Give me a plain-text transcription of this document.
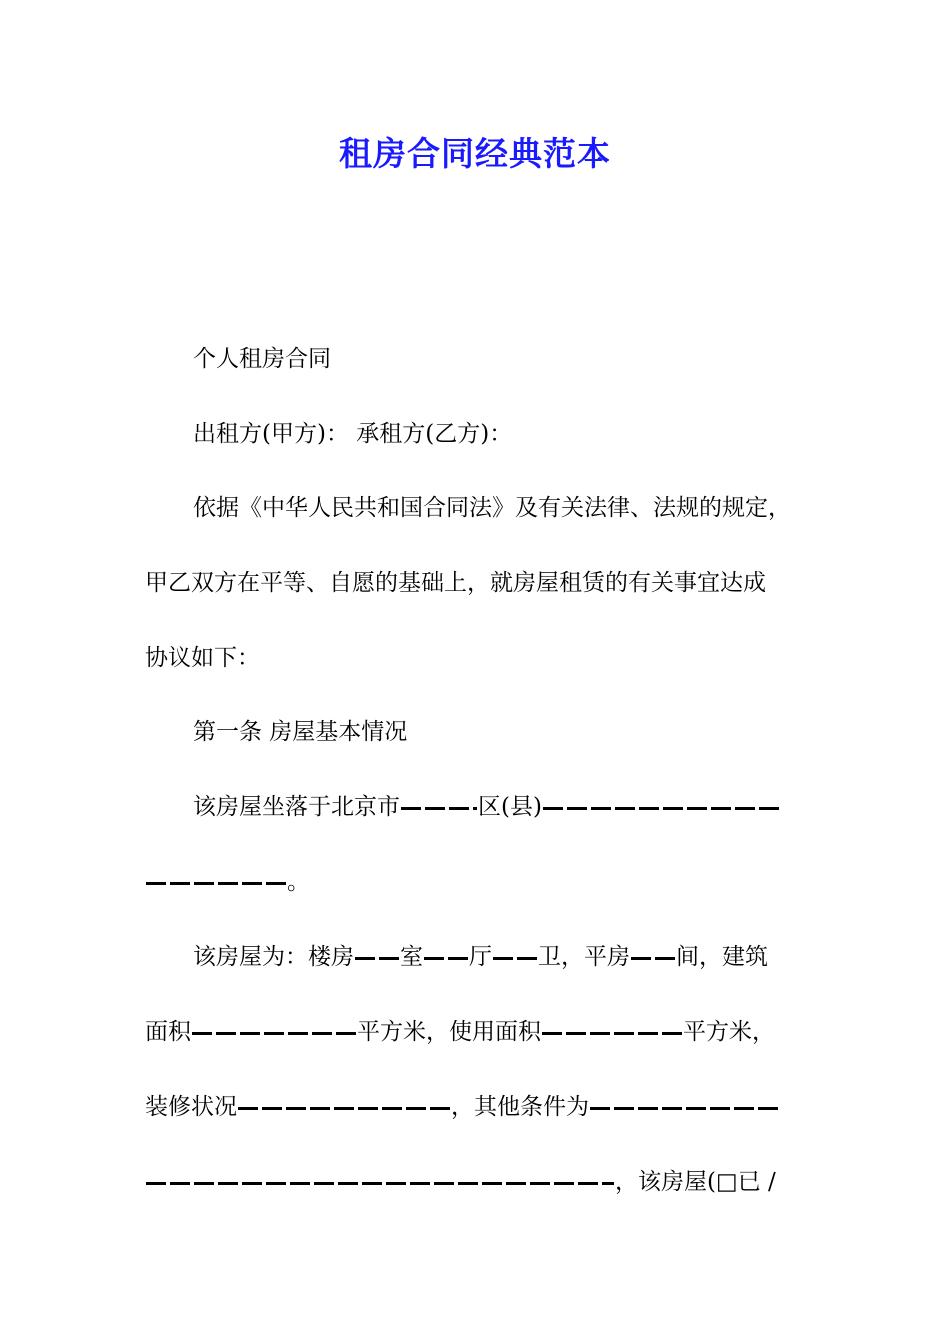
租房合同经典范本
个人租房合同
出租方(甲方)： 承租方(乙方)：
依据《中华人民共和国合同法》及有关法律、法规的规定，
甲乙双方在平等、自愿的基础上，就房屋租赁的有关事宜达成
协议如下：
第一条 房屋基本情况
该房屋坐落于北京市	区(县)
。
该房屋为：楼房 室 厅 卫，平房 间，建筑
面积	平方米，使用面积	平方米，
装修状况	，其他条件为
，该房屋(□已 /
